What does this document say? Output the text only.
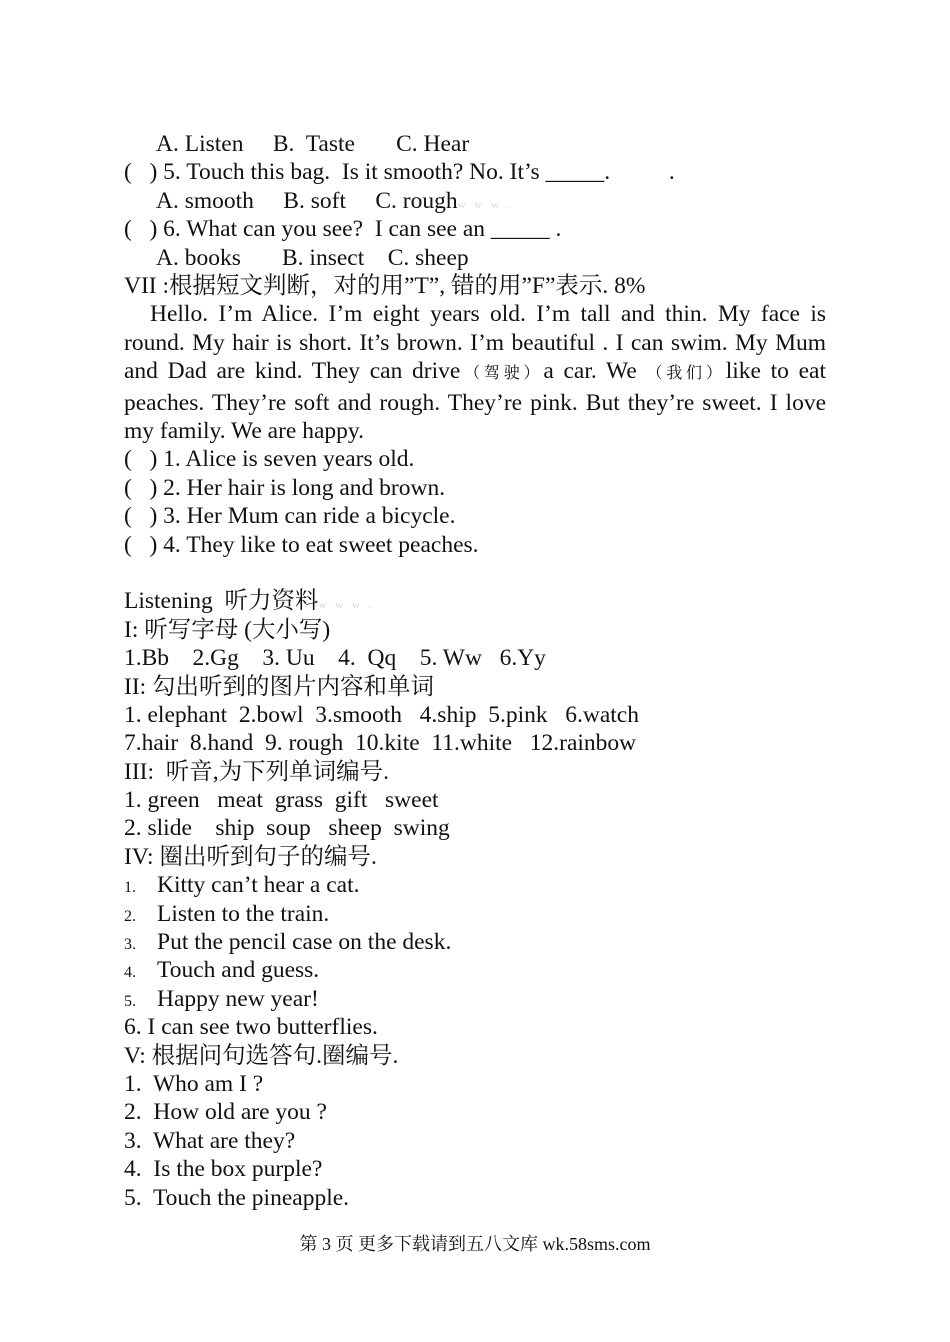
A. Listen     B.  Taste       C. Hear
(   ) 5. Touch this bag.  Is it smooth? No. It’s _____.          .
A. smooth     B. soft     C. roughw w w .
(   ) 6. What can you see?  I can see an _____ .
A. books       B. insect    C. sheep
VII :根据短文判断，对的用”T”, 错的用”F”表示. 8%
Hello. I’m Alice. I’m eight years old. I’m tall and thin. My face is round. My hair is short. It’s brown. I’m beautiful . I can swim. My Mum and Dad are kind. They can drive（驾驶）a car. We （我们）like to eat peaches. They’re soft and rough. They’re pink. But they’re sweet. I love my family. We are happy.
(   ) 1. Alice is seven years old.
(   ) 2. Her hair is long and brown.
(   ) 3. Her Mum can ride a bicycle.
(   ) 4. They like to eat sweet peaches.
Listening  听力资料w w w .
I: 听写字母 (大小写)
1.Bb    2.Gg    3. Uu    4.  Qq    5. Ww   6.Yy
II: 勾出听到的图片内容和单词
1. elephant  2.bowl  3.smooth   4.ship  5.pink   6.watch
7.hair  8.hand  9. rough  10.kite  11.white   12.rainbow
III:  听音,为下列单词编号.
1. green   meat  grass  gift   sweet
2. slide    ship  soup   sheep  swing
IV: 圈出听到句子的编号.
1. Kitty can’t hear a cat.
2. Listen to the train.
3. Put the pencil case on the desk.
4. Touch and guess.
5. Happy new year!
6. I can see two butterflies.
V: 根据问句选答句.圈编号.
1.  Who am I ?
2.  How old are you ?
3.  What are they?
4.  Is the box purple?
5.  Touch the pineapple.
第 3 页 更多下载请到五八文库 wk.58sms.com
